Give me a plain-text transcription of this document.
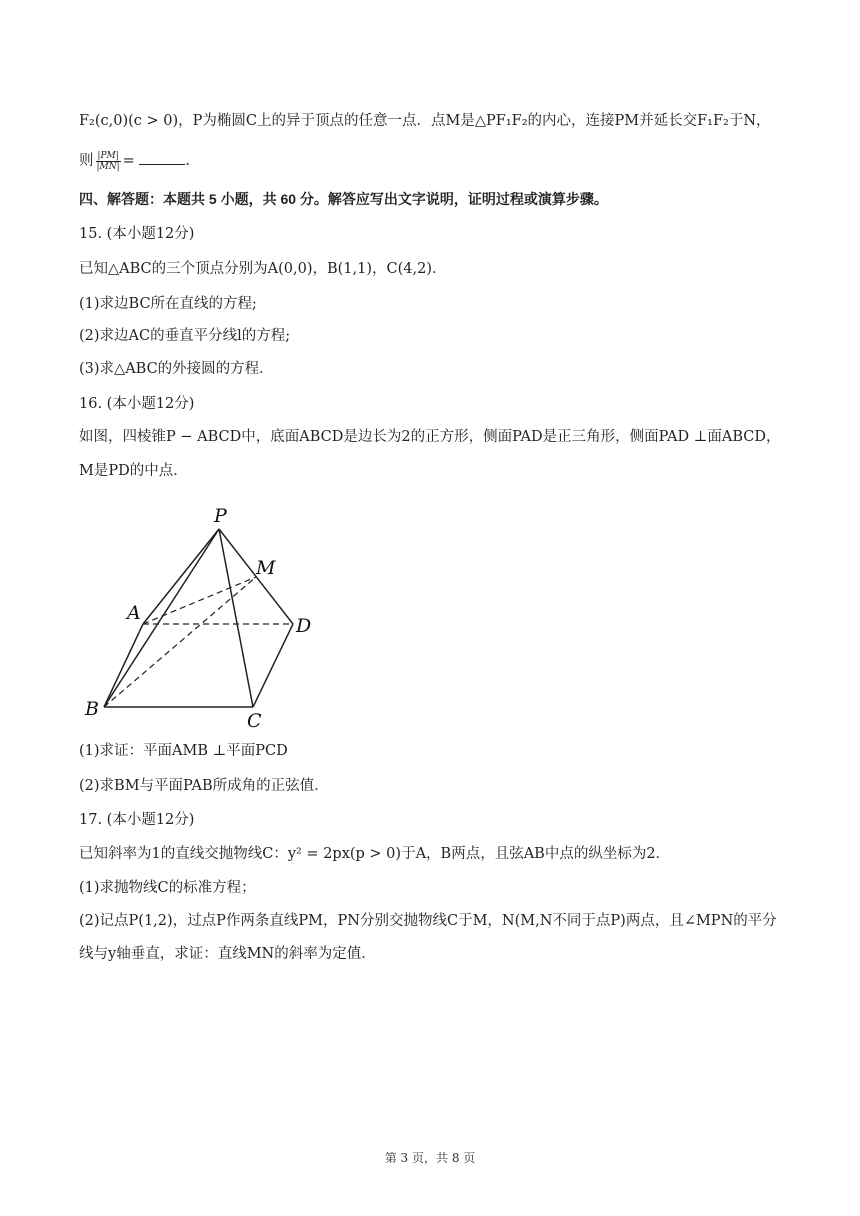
F₂(c,0)(c > 0)，P为椭圆C上的异于顶点的任意一点．点M是△PF₁F₂的内心，连接PM并延长交F₁F₂于N，
则 $\frac{|PM|}{|MN|}$ =	.
四、解答题：本题共 5 小题，共 60 分。解答应写出文字说明，证明过程或演算步骤。
15. (本小题12分)
已知△ABC的三个顶点分别为A(0,0)，B(1,1)，C(4,2)．
(1)求边BC所在直线的方程;
(2)求边AC的垂直平分线l的方程;
(3)求△ABC的外接圆的方程．
16. (本小题12分)
如图，四棱锥P − ABCD中，底面ABCD是边长为2的正方形，侧面PAD是正三角形，侧面PAD ⊥面ABCD，
M是PD的中点．
P
M
A
D
B
C
(1)求证：平面AMB ⊥平面PCD
(2)求BM与平面PAB所成角的正弦值．
17. (本小题12分)
已知斜率为1的直线交抛物线C：y² = 2px(p > 0)于A，B两点，且弦AB中点的纵坐标为2．
(1)求抛物线C的标准方程；
(2)记点P(1,2)，过点P作两条直线PM，PN分别交抛物线C于M，N(M,N不同于点P)两点，且∠MPN的平分
线与y轴垂直，求证：直线MN的斜率为定值．
第 3 页，共 8 页
